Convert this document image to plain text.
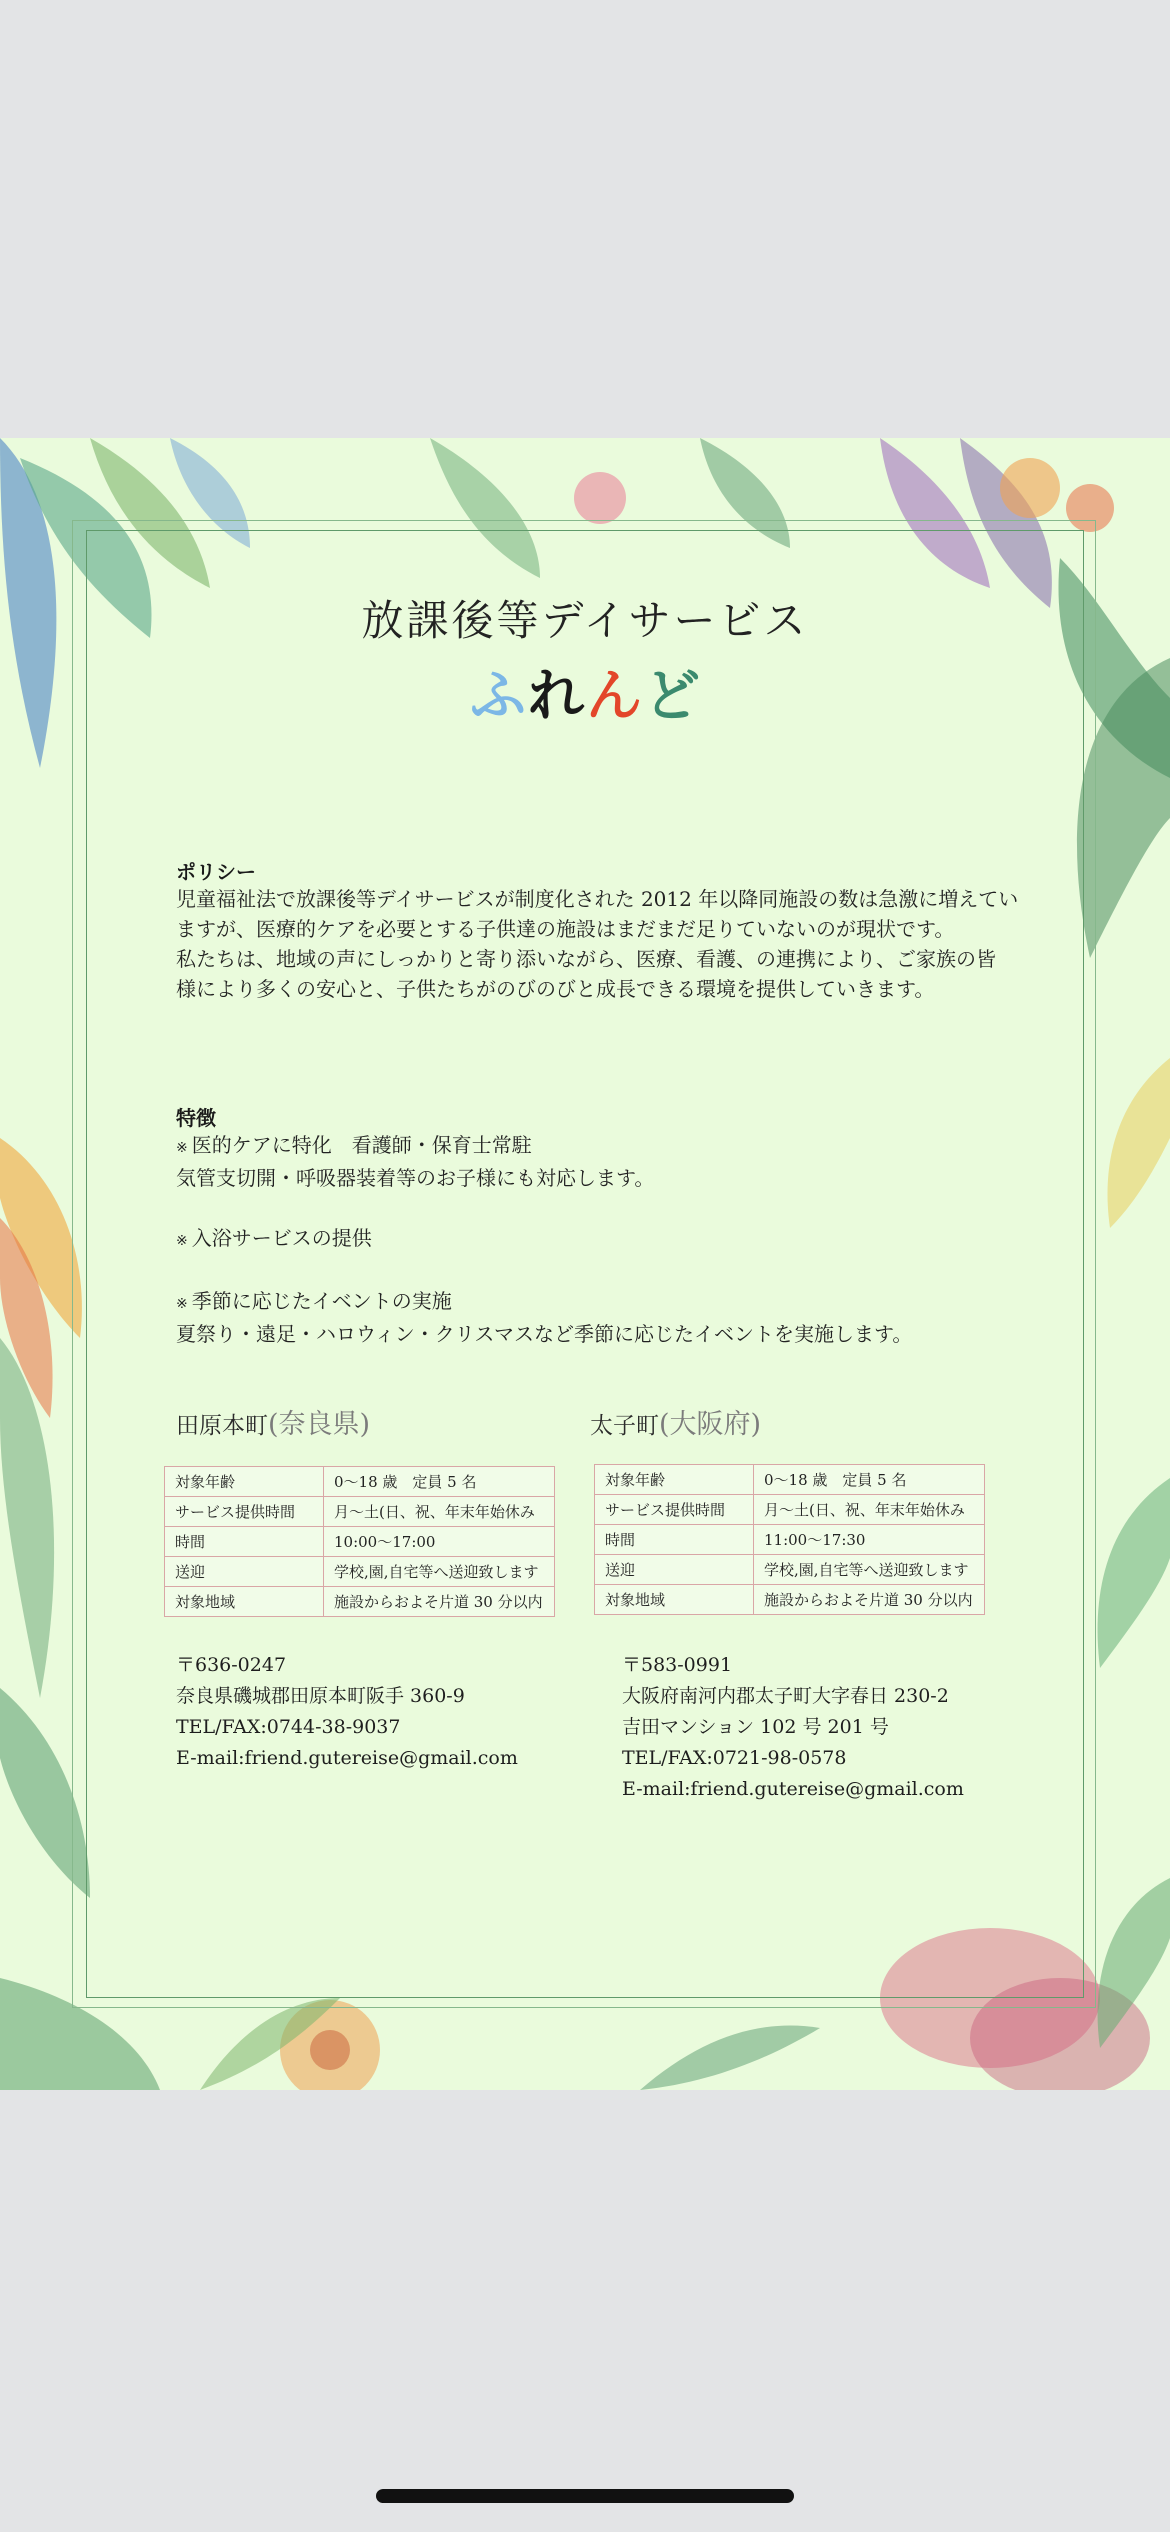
放課後等デイサービス
ふれんど
ポリシー
児童福祉法で放課後等デイサービスが制度化された 2012 年以降同施設の数は急激に増えてい
ますが、医療的ケアを必要とする子供達の施設はまだまだ足りていないのが現状です。
私たちは、地域の声にしっかりと寄り添いながら、医療、看護、の連携により、ご家族の皆
様により多くの安心と、子供たちがのびのびと成長できる環境を提供していきます。
特徴
※ 医的ケアに特化　看護師・保育士常駐
気管支切開・呼吸器装着等のお子様にも対応します。

※ 入浴サービスの提供

※ 季節に応じたイベントの実施
夏祭り・遠足・ハロウィン・クリスマスなど季節に応じたイベントを実施します。
田原本町(奈良県)
対象年齢	0〜18 歳　定員 5 名
サービス提供時間	月〜土(日、祝、年末年始休み
時間	10:00〜17:00
送迎	学校,園,自宅等へ送迎致します
対象地域	施設からおよそ片道 30 分以内
〒636-0247
奈良県磯城郡田原本町阪手 360-9
TEL/FAX:0744-38-9037
E-mail:friend.gutereise@gmail.com
太子町(大阪府)
対象年齢	0〜18 歳　定員 5 名
サービス提供時間	月〜土(日、祝、年末年始休み
時間	11:00〜17:30
送迎	学校,園,自宅等へ送迎致します
対象地域	施設からおよそ片道 30 分以内
〒583-0991
大阪府南河内郡太子町大字春日 230-2
吉田マンション 102 号 201 号
TEL/FAX:0721-98-0578
E-mail:friend.gutereise@gmail.com
